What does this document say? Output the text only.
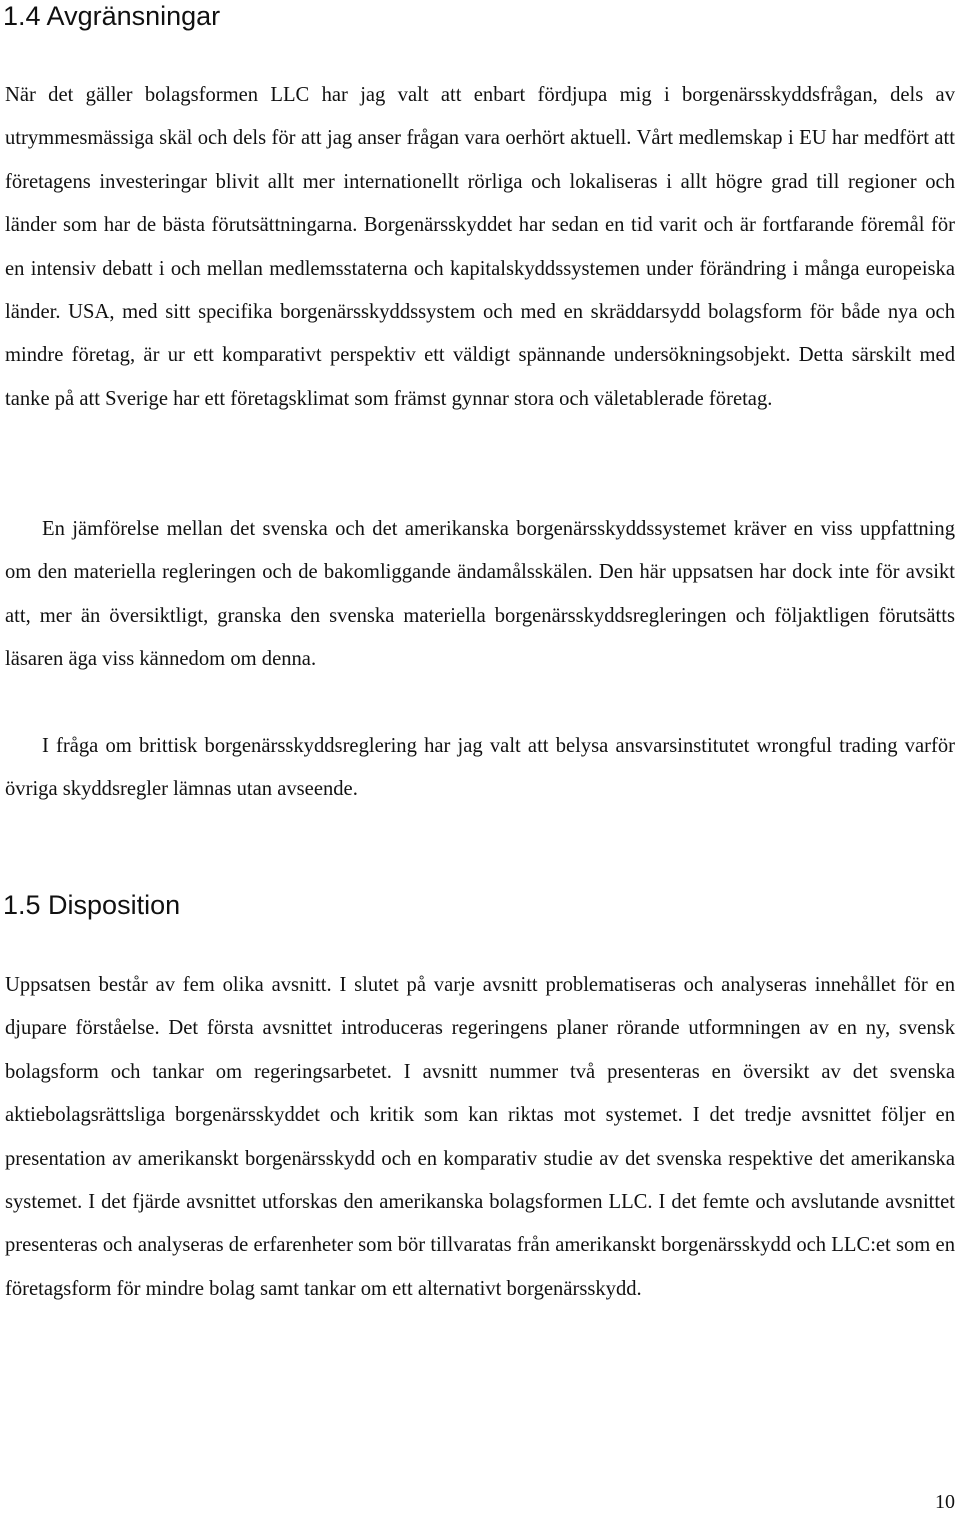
1.4 Avgränsningar

När det gäller bolagsformen LLC har jag valt att enbart fördjupa mig i borgenärsskyddsfrågan, dels av utrymmesmässiga skäl och dels för att jag anser frågan vara oerhört aktuell. Vårt medlemskap i EU har medfört att företagens investeringar blivit allt mer internationellt rörliga och lokaliseras i allt högre grad till regioner och länder som har de bästa förutsättningarna. Borgenärsskyddet har sedan en tid varit och är fortfarande föremål för en intensiv debatt i och mellan medlemsstaterna och kapitalskyddssystemen under förändring i många europeiska länder. USA, med sitt specifika borgenärsskyddssystem och med en skräddarsydd bolagsform för både nya och mindre företag, är ur ett komparativt perspektiv ett väldigt spännande undersökningsobjekt. Detta särskilt med tanke på att Sverige har ett företagsklimat som främst gynnar stora och väletablerade företag.

En jämförelse mellan det svenska och det amerikanska borgenärsskyddssystemet kräver en viss uppfattning om den materiella regleringen och de bakomliggande ändamålsskälen. Den här uppsatsen har dock inte för avsikt att, mer än översiktligt, granska den svenska materiella borgenärsskyddsregleringen och följaktligen förutsätts läsaren äga viss kännedom om denna.

I fråga om brittisk borgenärsskyddsreglering har jag valt att belysa ansvarsinstitutet wrongful trading varför övriga skyddsregler lämnas utan avseende.

1.5 Disposition

Uppsatsen består av fem olika avsnitt. I slutet på varje avsnitt problematiseras och analyseras innehållet för en djupare förståelse. Det första avsnittet introduceras regeringens planer rörande utformningen av en ny, svensk bolagsform och tankar om regeringsarbetet. I avsnitt nummer två presenteras en översikt av det svenska aktiebolagsrättsliga borgenärsskyddet och kritik som kan riktas mot systemet. I det tredje avsnittet följer en presentation av amerikanskt borgenärsskydd och en komparativ studie av det svenska respektive det amerikanska systemet. I det fjärde avsnittet utforskas den amerikanska bolagsformen LLC. I det femte och avslutande avsnittet presenteras och analyseras de erfarenheter som bör tillvaratas från amerikanskt borgenärsskydd och LLC:et som en företagsform för mindre bolag samt tankar om ett alternativt borgenärsskydd.

10
